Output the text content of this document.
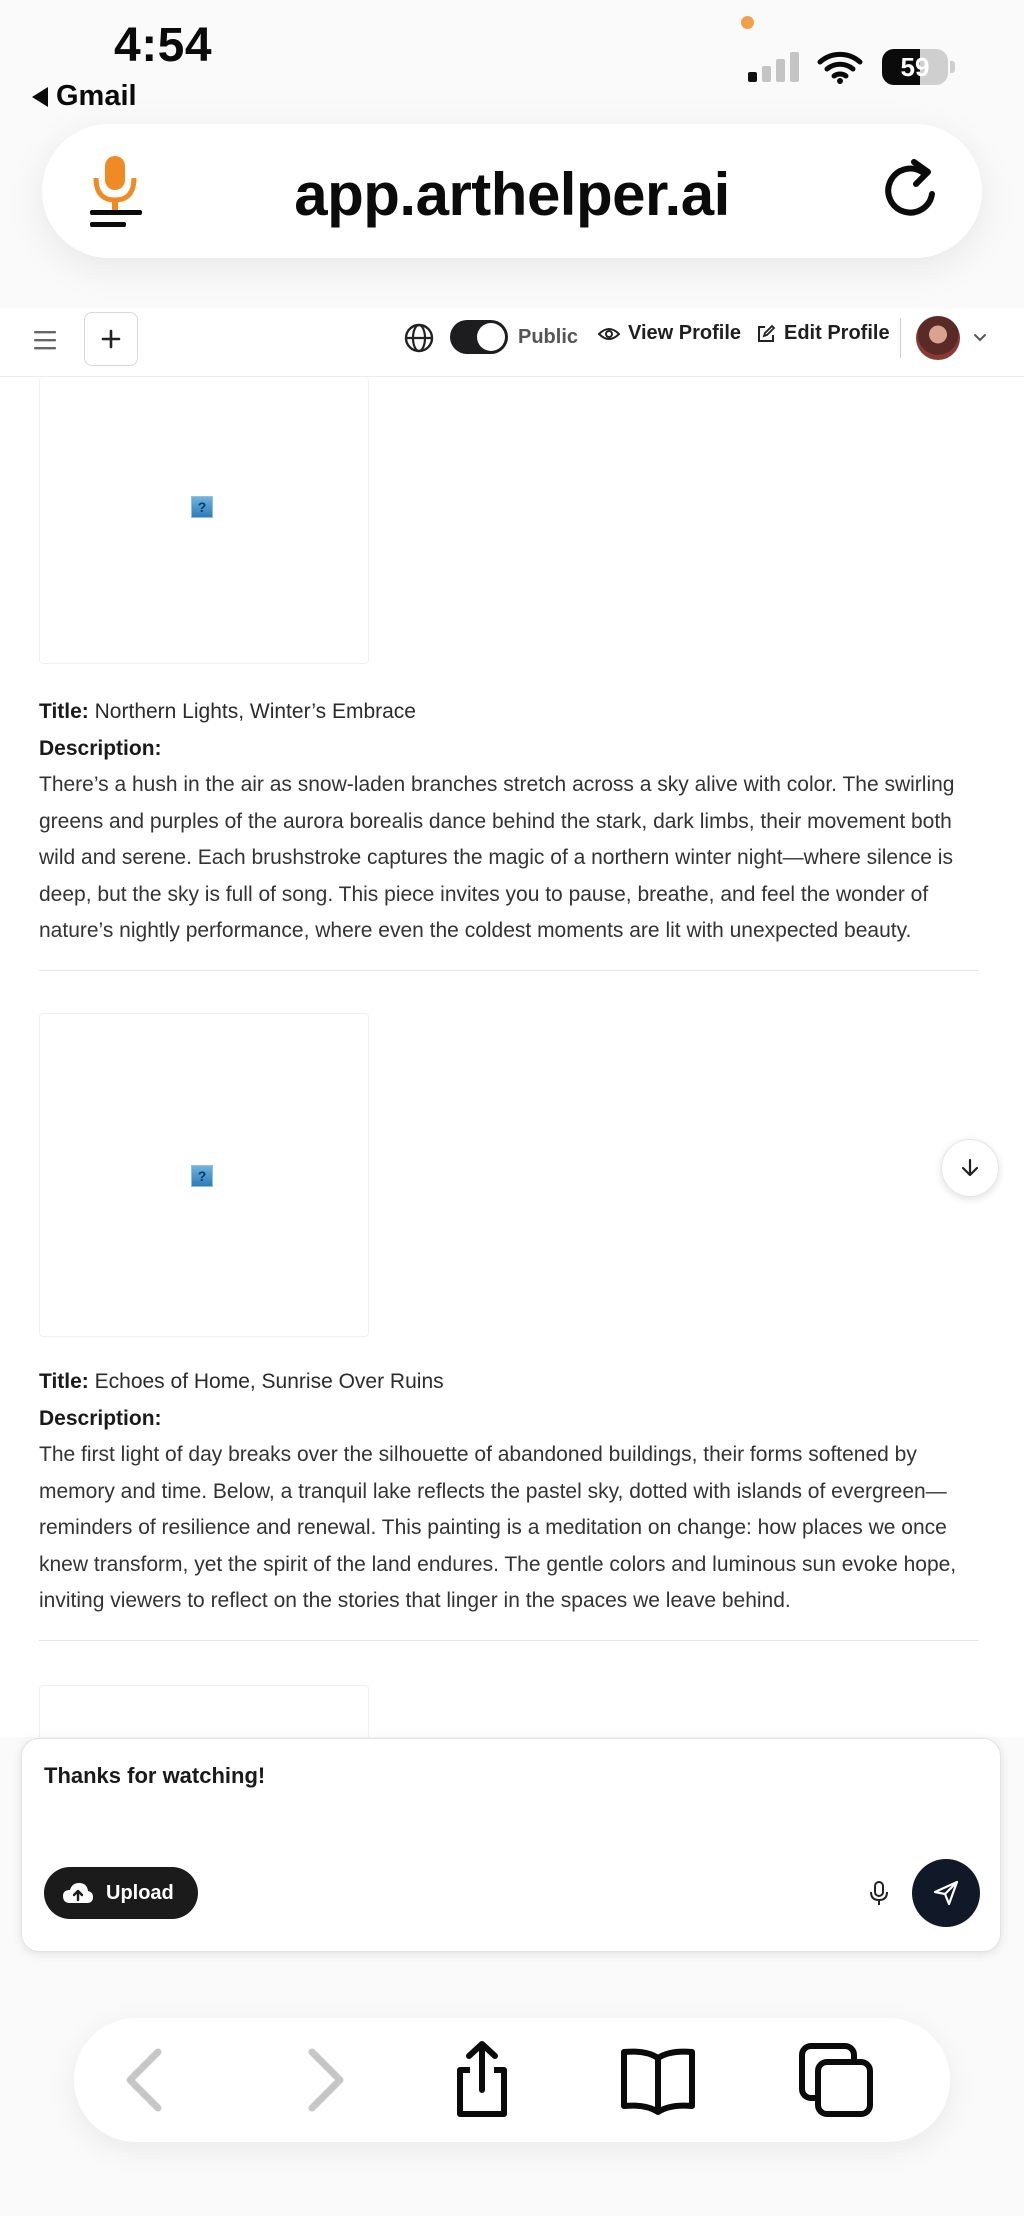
4:54
Gmail
59
app.arthelper.ai
Public View Profile Edit Profile
?
Title: Northern Lights, Winter’s Embrace
Description:
There’s a hush in the air as snow-laden branches stretch across a sky alive with color. The swirling greens and purples of the aurora borealis dance behind the stark, dark limbs, their movement both wild and serene. Each brushstroke captures the magic of a northern winter night—where silence is deep, but the sky is full of song. This piece invites you to pause, breathe, and feel the wonder of nature’s nightly performance, where even the coldest moments are lit with unexpected beauty.
?
Title: Echoes of Home, Sunrise Over Ruins
Description:
The first light of day breaks over the silhouette of abandoned buildings, their forms softened by memory and time. Below, a tranquil lake reflects the pastel sky, dotted with islands of evergreen—reminders of resilience and renewal. This painting is a meditation on change: how places we once knew transform, yet the spirit of the land endures. The gentle colors and luminous sun evoke hope, inviting viewers to reflect on the stories that linger in the spaces we leave behind.
Thanks for watching!
Upload
